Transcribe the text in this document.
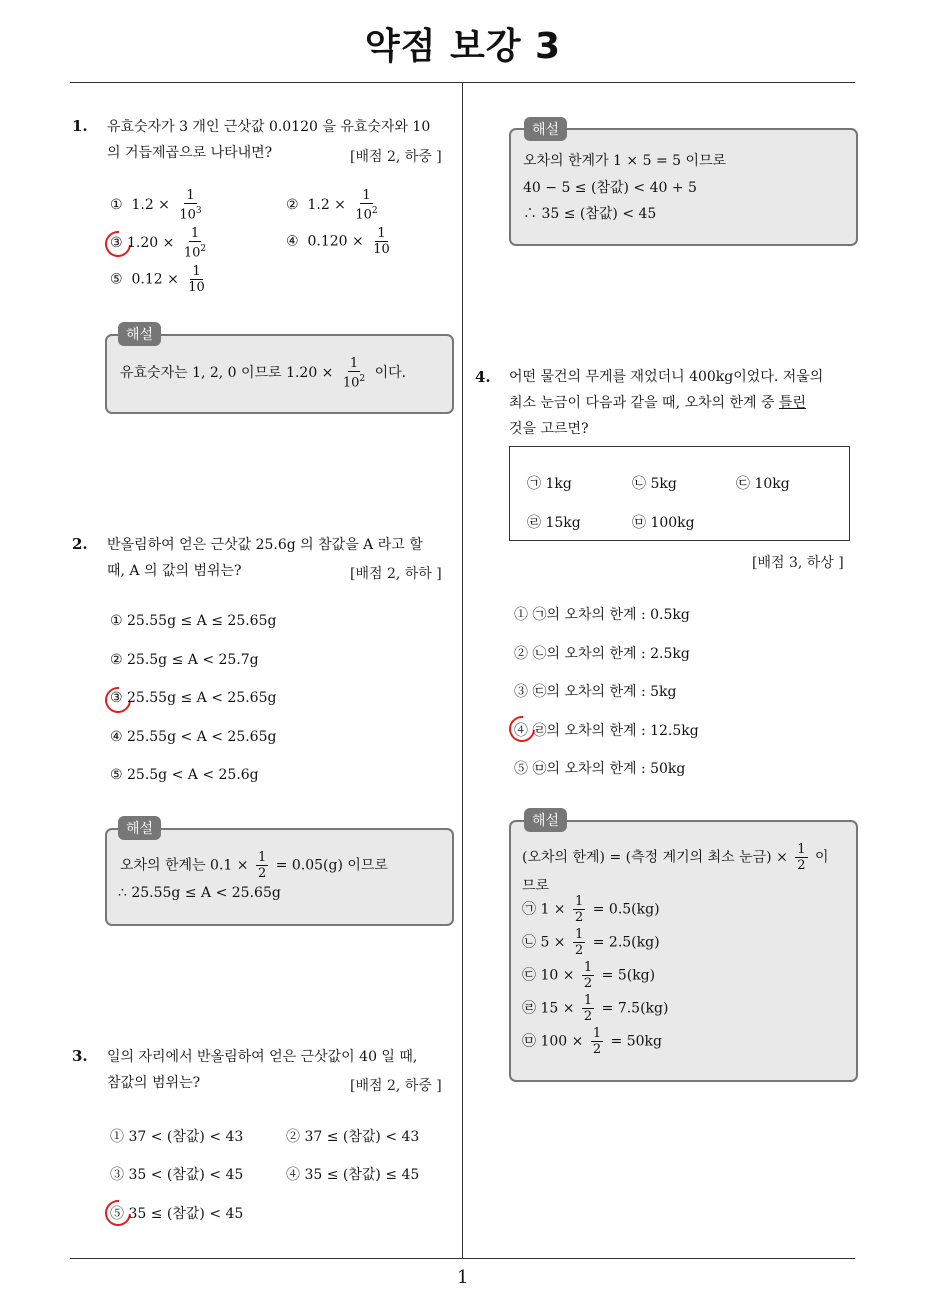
약점 보강 3
1
1. 유효숫자가 3 개인 근삿값 0.0120 을 유효숫자와 10
의 거듭제곱으로 나타내면?	[배점 2, 하중 ]
① $1.2 \times \frac{1}{10^3}$	② $1.2 \times \frac{1}{10^2}$
③ $1.20 \times \frac{1}{10^2}$	④ $0.120 \times \frac{1}{10}$
⑤ $0.12 \times \frac{1}{10}$
해설
유효숫자는 1, 2, 0 이므로 $1.20 \times \frac{1}{10^2}$ 이다.
2. 반올림하여 얻은 근삿값 25.6g 의 참값을 A 라고 할
때, A 의 값의 범위는?	[배점 2, 하하 ]
① 25.55g ≤ A ≤ 25.65g
② 25.5g ≤ A < 25.7g
③ 25.55g ≤ A < 25.65g
④ 25.55g < A < 25.65g
⑤ 25.5g < A < 25.6g
해설
오차의 한계는 $0.1 \times \frac{1}{2} = 0.05(g)$ 이므로
∴ 25.55g ≤ A < 25.65g
3. 일의 자리에서 반올림하여 얻은 근삿값이 40 일 때,
참값의 범위는?	[배점 2, 하중 ]
① 37 < (참값) < 43	② 37 ≤ (참값) < 43
③ 35 < (참값) < 45	④ 35 ≤ (참값) ≤ 45
⑤ 35 ≤ (참값) < 45
해설
오차의 한계가 1 × 5 = 5 이므로
40 − 5 ≤ (참값) < 40 + 5
∴ 35 ≤ (참값) < 45
4. 어떤 물건의 무게를 재었더니 400kg이었다. 저울의
최소 눈금이 다음과 같을 때, 오차의 한계 중 틀린
것을 고르면?
㉠ 1kg	㉡ 5kg	㉢ 10kg
㉣ 15kg	㉤ 100kg
[배점 3, 하상 ]
① ㉠의 오차의 한계 : 0.5kg
② ㉡의 오차의 한계 : 2.5kg
③ ㉢의 오차의 한계 : 5kg
④ ㉣의 오차의 한계 : 12.5kg
⑤ ㉤의 오차의 한계 : 50kg
해설
(오차의 한계) = (측정 계기의 최소 눈금) × $\frac{1}{2}$ 이
므로
㉠ $1 \times \frac{1}{2} = 0.5(kg)$
㉡ $5 \times \frac{1}{2} = 2.5(kg)$
㉢ $10 \times \frac{1}{2} = 5(kg)$
㉣ $15 \times \frac{1}{2} = 7.5(kg)$
㉤ $100 \times \frac{1}{2} = 50kg$
